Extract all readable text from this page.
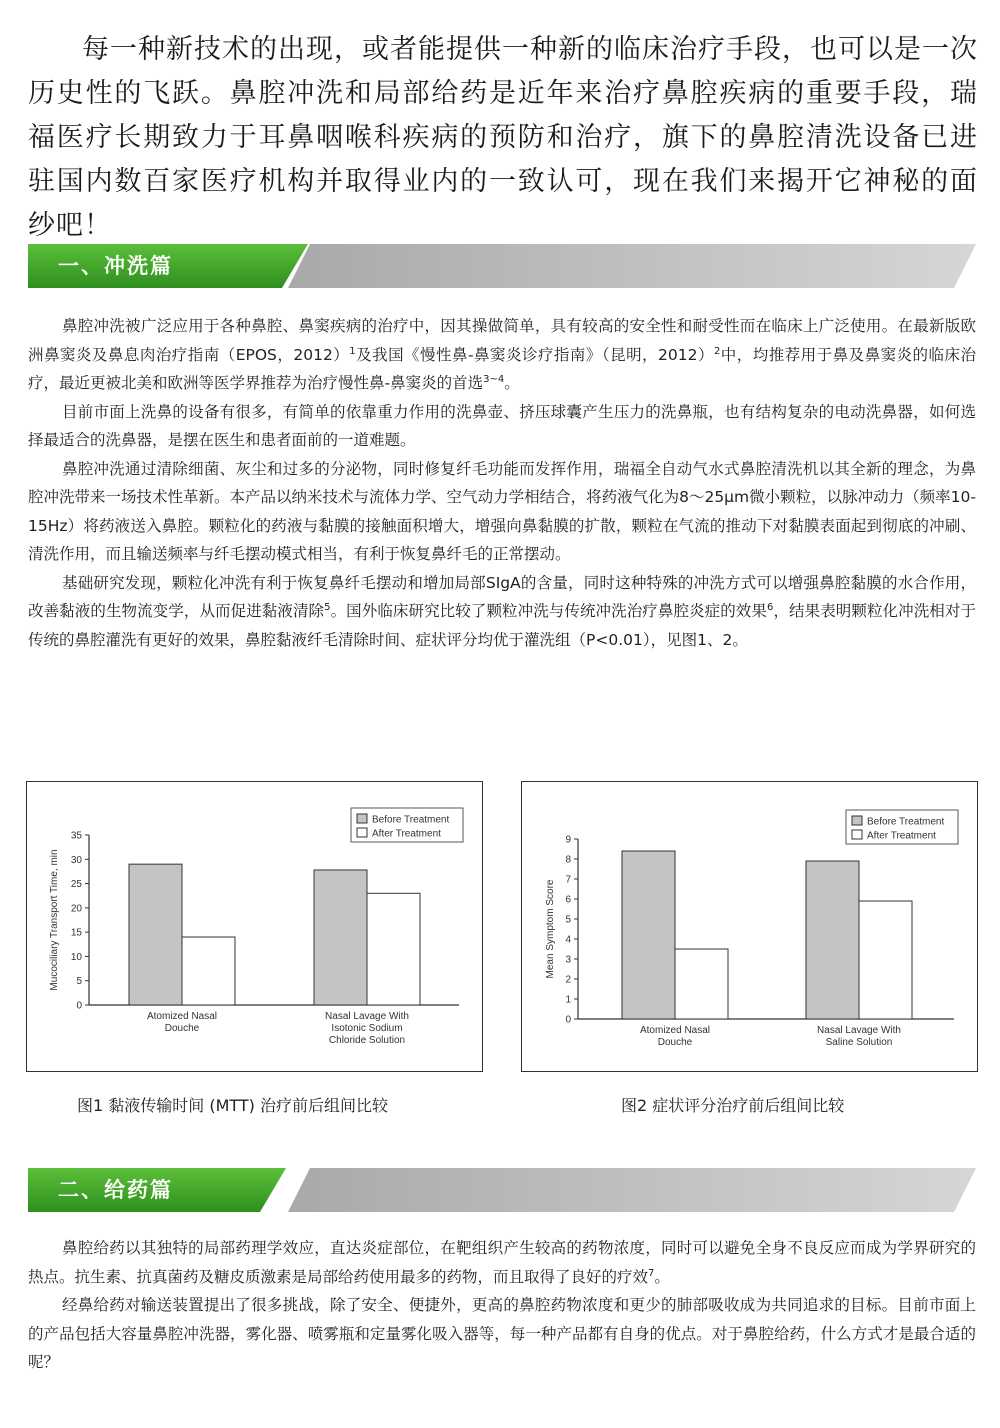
每一种新技术的出现，或者能提供一种新的临床治疗手段，也可以是一次历史性的飞跃。鼻腔冲洗和局部给药是近年来治疗鼻腔疾病的重要手段，瑞福医疗长期致力于耳鼻咽喉科疾病的预防和治疗，旗下的鼻腔清洗设备已进驻国内数百家医疗机构并取得业内的一致认可，现在我们来揭开它神秘的面纱吧！
一、冲洗篇

鼻腔冲洗被广泛应用于各种鼻腔、鼻窦疾病的治疗中，因其操做简单，具有较高的安全性和耐受性而在临床上广泛使用。在最新版欧洲鼻窦炎及鼻息肉治疗指南（EPOS，2012）$^1$及我国《慢性鼻-鼻窦炎诊疗指南》（昆明，2012）$^2$中，均推荐用于鼻及鼻窦炎的临床治疗，最近更被北美和欧洲等医学界推荐为治疗慢性鼻-鼻窦炎的首选$^{3\sim 4}$。

目前市面上洗鼻的设备有很多，有简单的依靠重力作用的洗鼻壶、挤压球囊产生压力的洗鼻瓶，也有结构复杂的电动洗鼻器，如何选择最适合的洗鼻器，是摆在医生和患者面前的一道难题。

鼻腔冲洗通过清除细菌、灰尘和过多的分泌物，同时修复纤毛功能而发挥作用，瑞福全自动气水式鼻腔清洗机以其全新的理念，为鼻腔冲洗带来一场技术性革新。本产品以纳米技术与流体力学、空气动力学相结合，将药液气化为8～25μm微小颗粒，以脉冲动力（频率10-15Hz）将药液送入鼻腔。颗粒化的药液与黏膜的接触面积增大，增强向鼻黏膜的扩散，颗粒在气流的推动下对黏膜表面起到彻底的冲刷、清洗作用，而且输送频率与纤毛摆动模式相当，有利于恢复鼻纤毛的正常摆动。

基础研究发现，颗粒化冲洗有利于恢复鼻纤毛摆动和增加局部SIgA的含量，同时这种特殊的冲洗方式可以增强鼻腔黏膜的水合作用，改善黏液的生物流变学，从而促进黏液清除$^5$。国外临床研究比较了颗粒冲洗与传统冲洗治疗鼻腔炎症的效果$^6$，结果表明颗粒化冲洗相对于传统的鼻腔灌洗有更好的效果，鼻腔黏液纤毛清除时间、症状评分均优于灌洗组（P<0.01），见图1、2。

0
5
10
15
20
25
30
35
Mucociliary Transport Time, min
Atomized Nasal
Douche
Nasal Lavage With
Isotonic Sodium
Chloride Solution
Before Treatment
After Treatment
0
1
2
3
4
5
6
7
8
9
Mean Symptom Score
Atomized Nasal
Douche
Nasal Lavage With
Saline Solution
Before Treatment
After Treatment
图1 黏液传输时间 (MTT) 治疗前后组间比较	图2 症状评分治疗前后组间比较
二、给药篇

鼻腔给药以其独特的局部药理学效应，直达炎症部位，在靶组织产生较高的药物浓度，同时可以避免全身不良反应而成为学界研究的热点。抗生素、抗真菌药及糖皮质激素是局部给药使用最多的药物，而且取得了良好的疗效$^7$。

经鼻给药对输送装置提出了很多挑战，除了安全、便捷外，更高的鼻腔药物浓度和更少的肺部吸收成为共同追求的目标。目前市面上的产品包括大容量鼻腔冲洗器，雾化器、喷雾瓶和定量雾化吸入器等，每一种产品都有自身的优点。对于鼻腔给药，什么方式才是最合适的呢？
